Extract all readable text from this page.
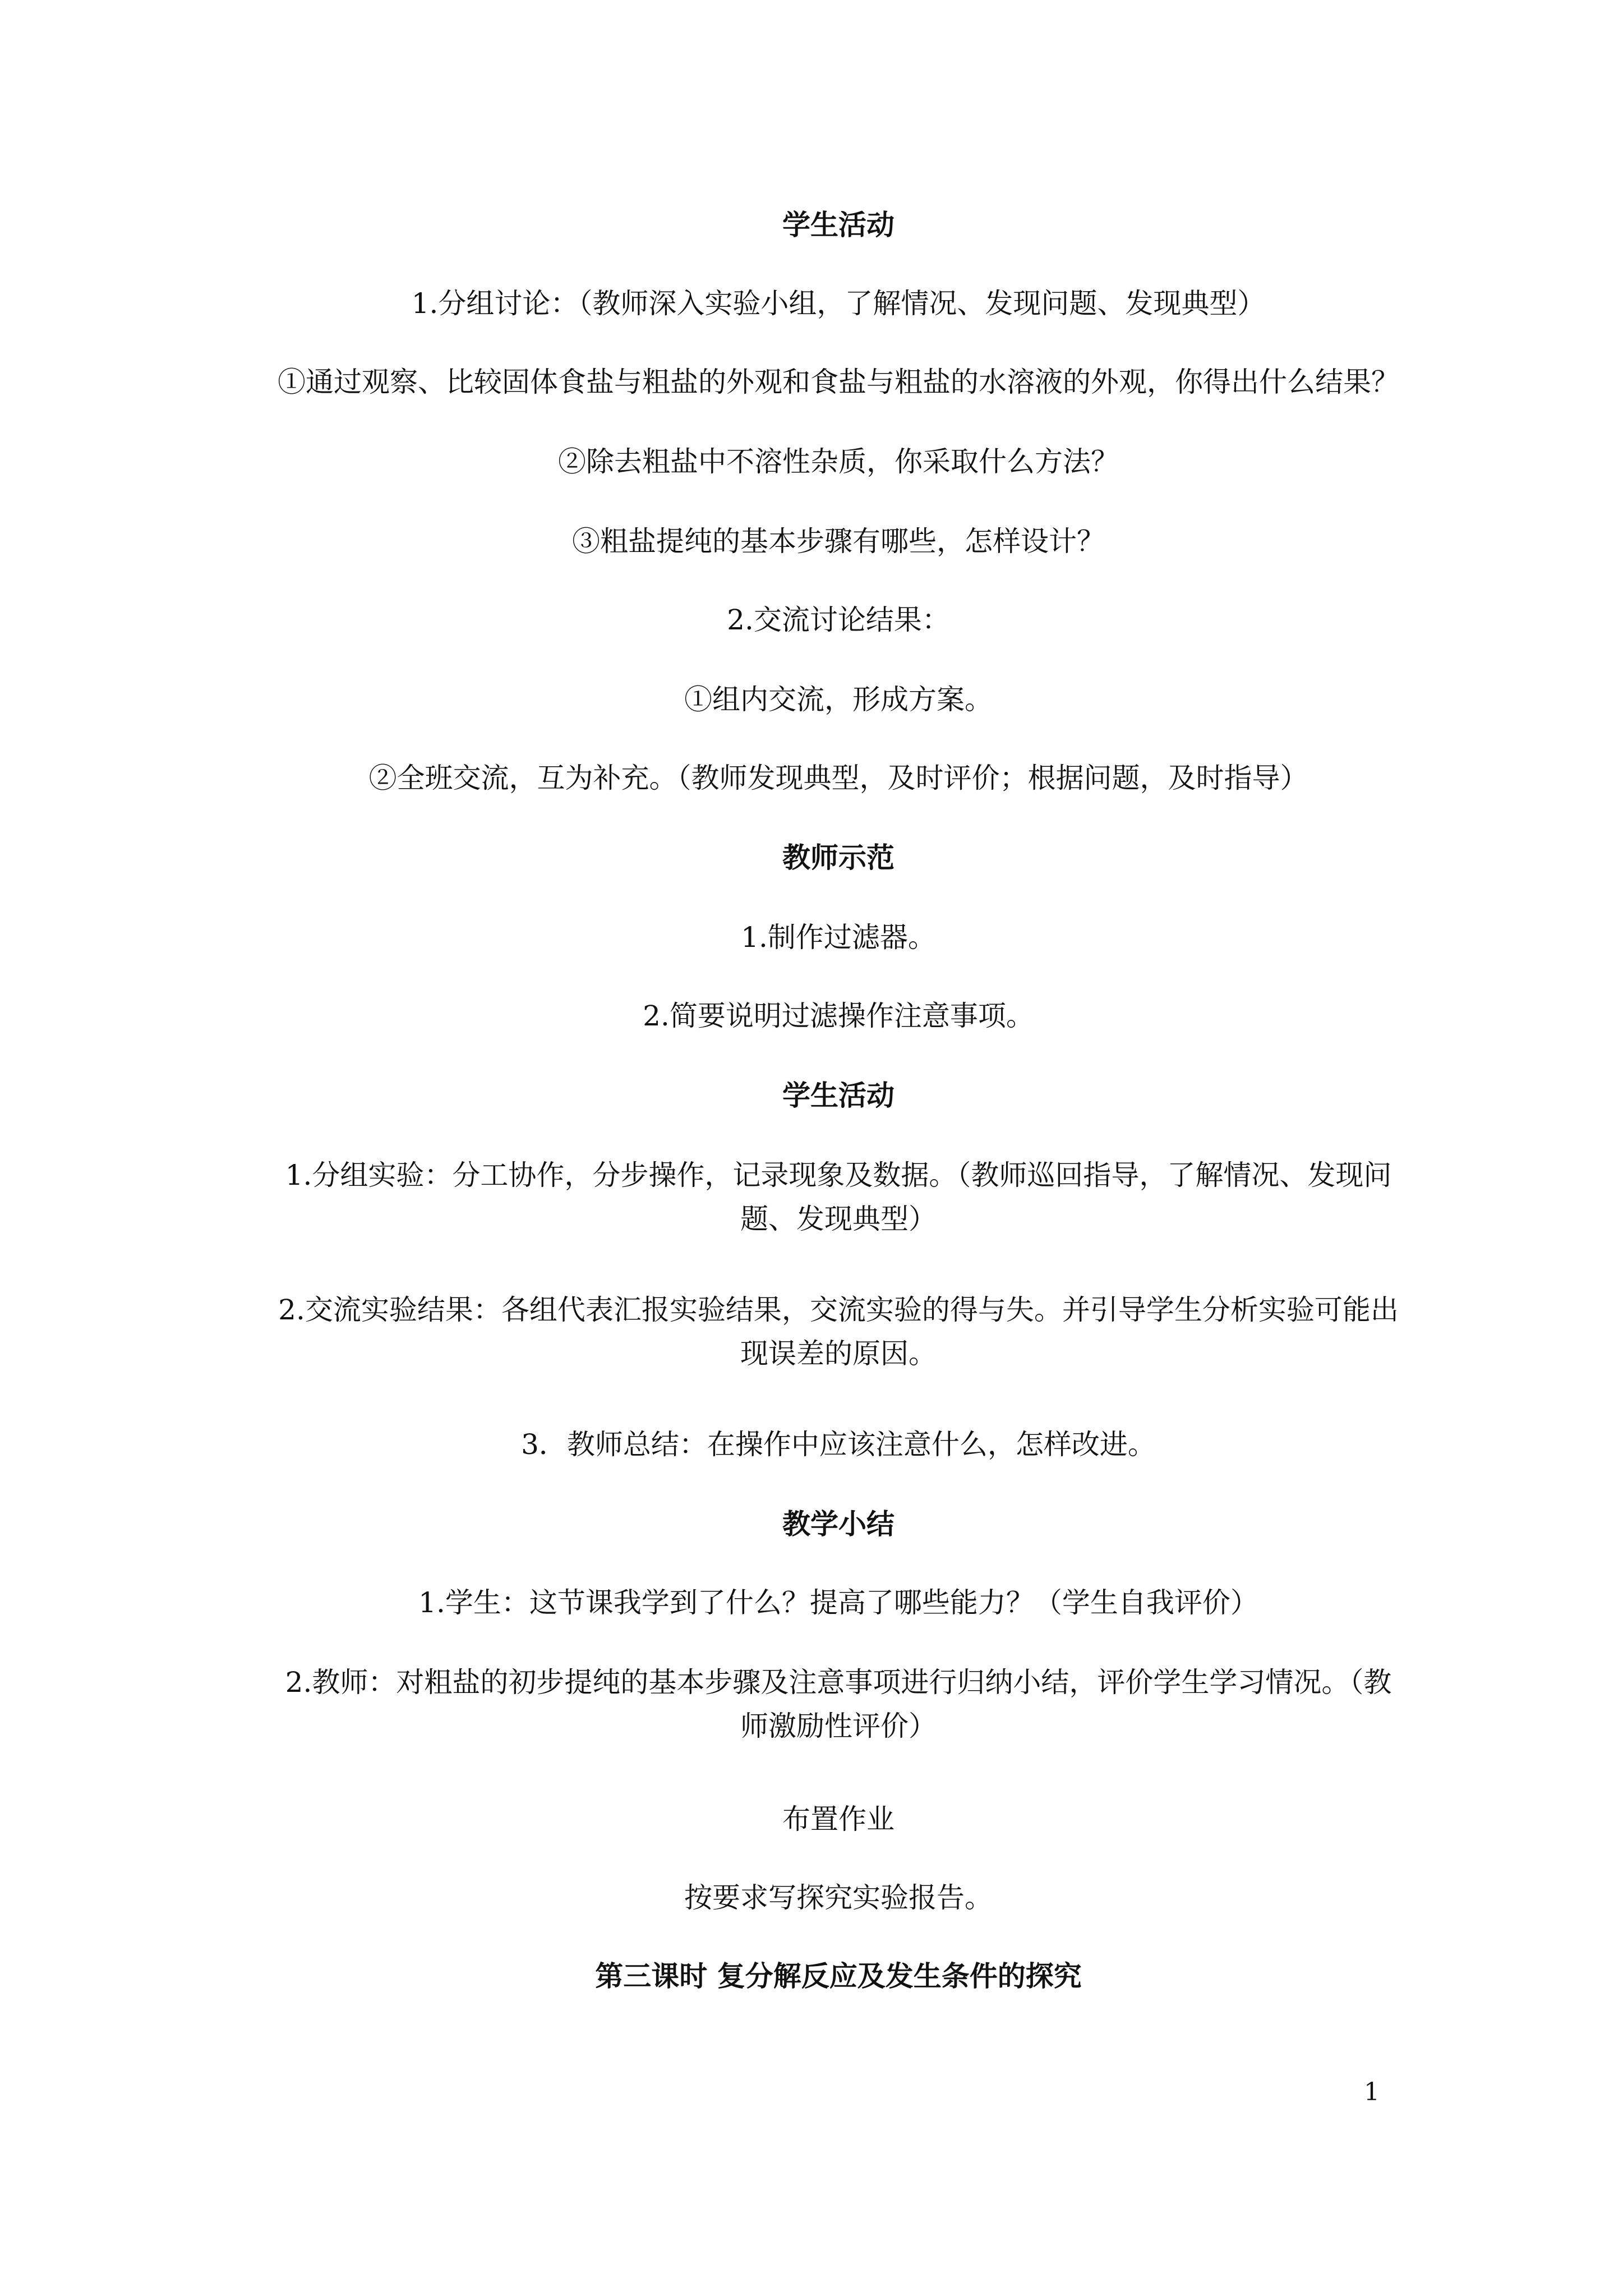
学生活动
1.分组讨论：（教师深入实验小组，了解情况、发现问题、发现典型）
①通过观察、比较固体食盐与粗盐的外观和食盐与粗盐的水溶液的外观，你得出什么结果？
②除去粗盐中不溶性杂质，你采取什么方法？
③粗盐提纯的基本步骤有哪些，怎样设计？
2.交流讨论结果：
①组内交流，形成方案。
②全班交流，互为补充。（教师发现典型，及时评价；根据问题，及时指导）
教师示范
1.制作过滤器。
2.简要说明过滤操作注意事项。
学生活动
1.分组实验：分工协作，分步操作，记录现象及数据。（教师巡回指导，了解情况、发现问题、发现典型）
2.交流实验结果：各组代表汇报实验结果，交流实验的得与失。并引导学生分析实验可能出现误差的原因。
3．教师总结：在操作中应该注意什么，怎样改进。
教学小结
1.学生：这节课我学到了什么？提高了哪些能力？（学生自我评价）
2.教师：对粗盐的初步提纯的基本步骤及注意事项进行归纳小结，评价学生学习情况。（教师激励性评价）
布置作业
按要求写探究实验报告。
第三课时 复分解反应及发生条件的探究
1
